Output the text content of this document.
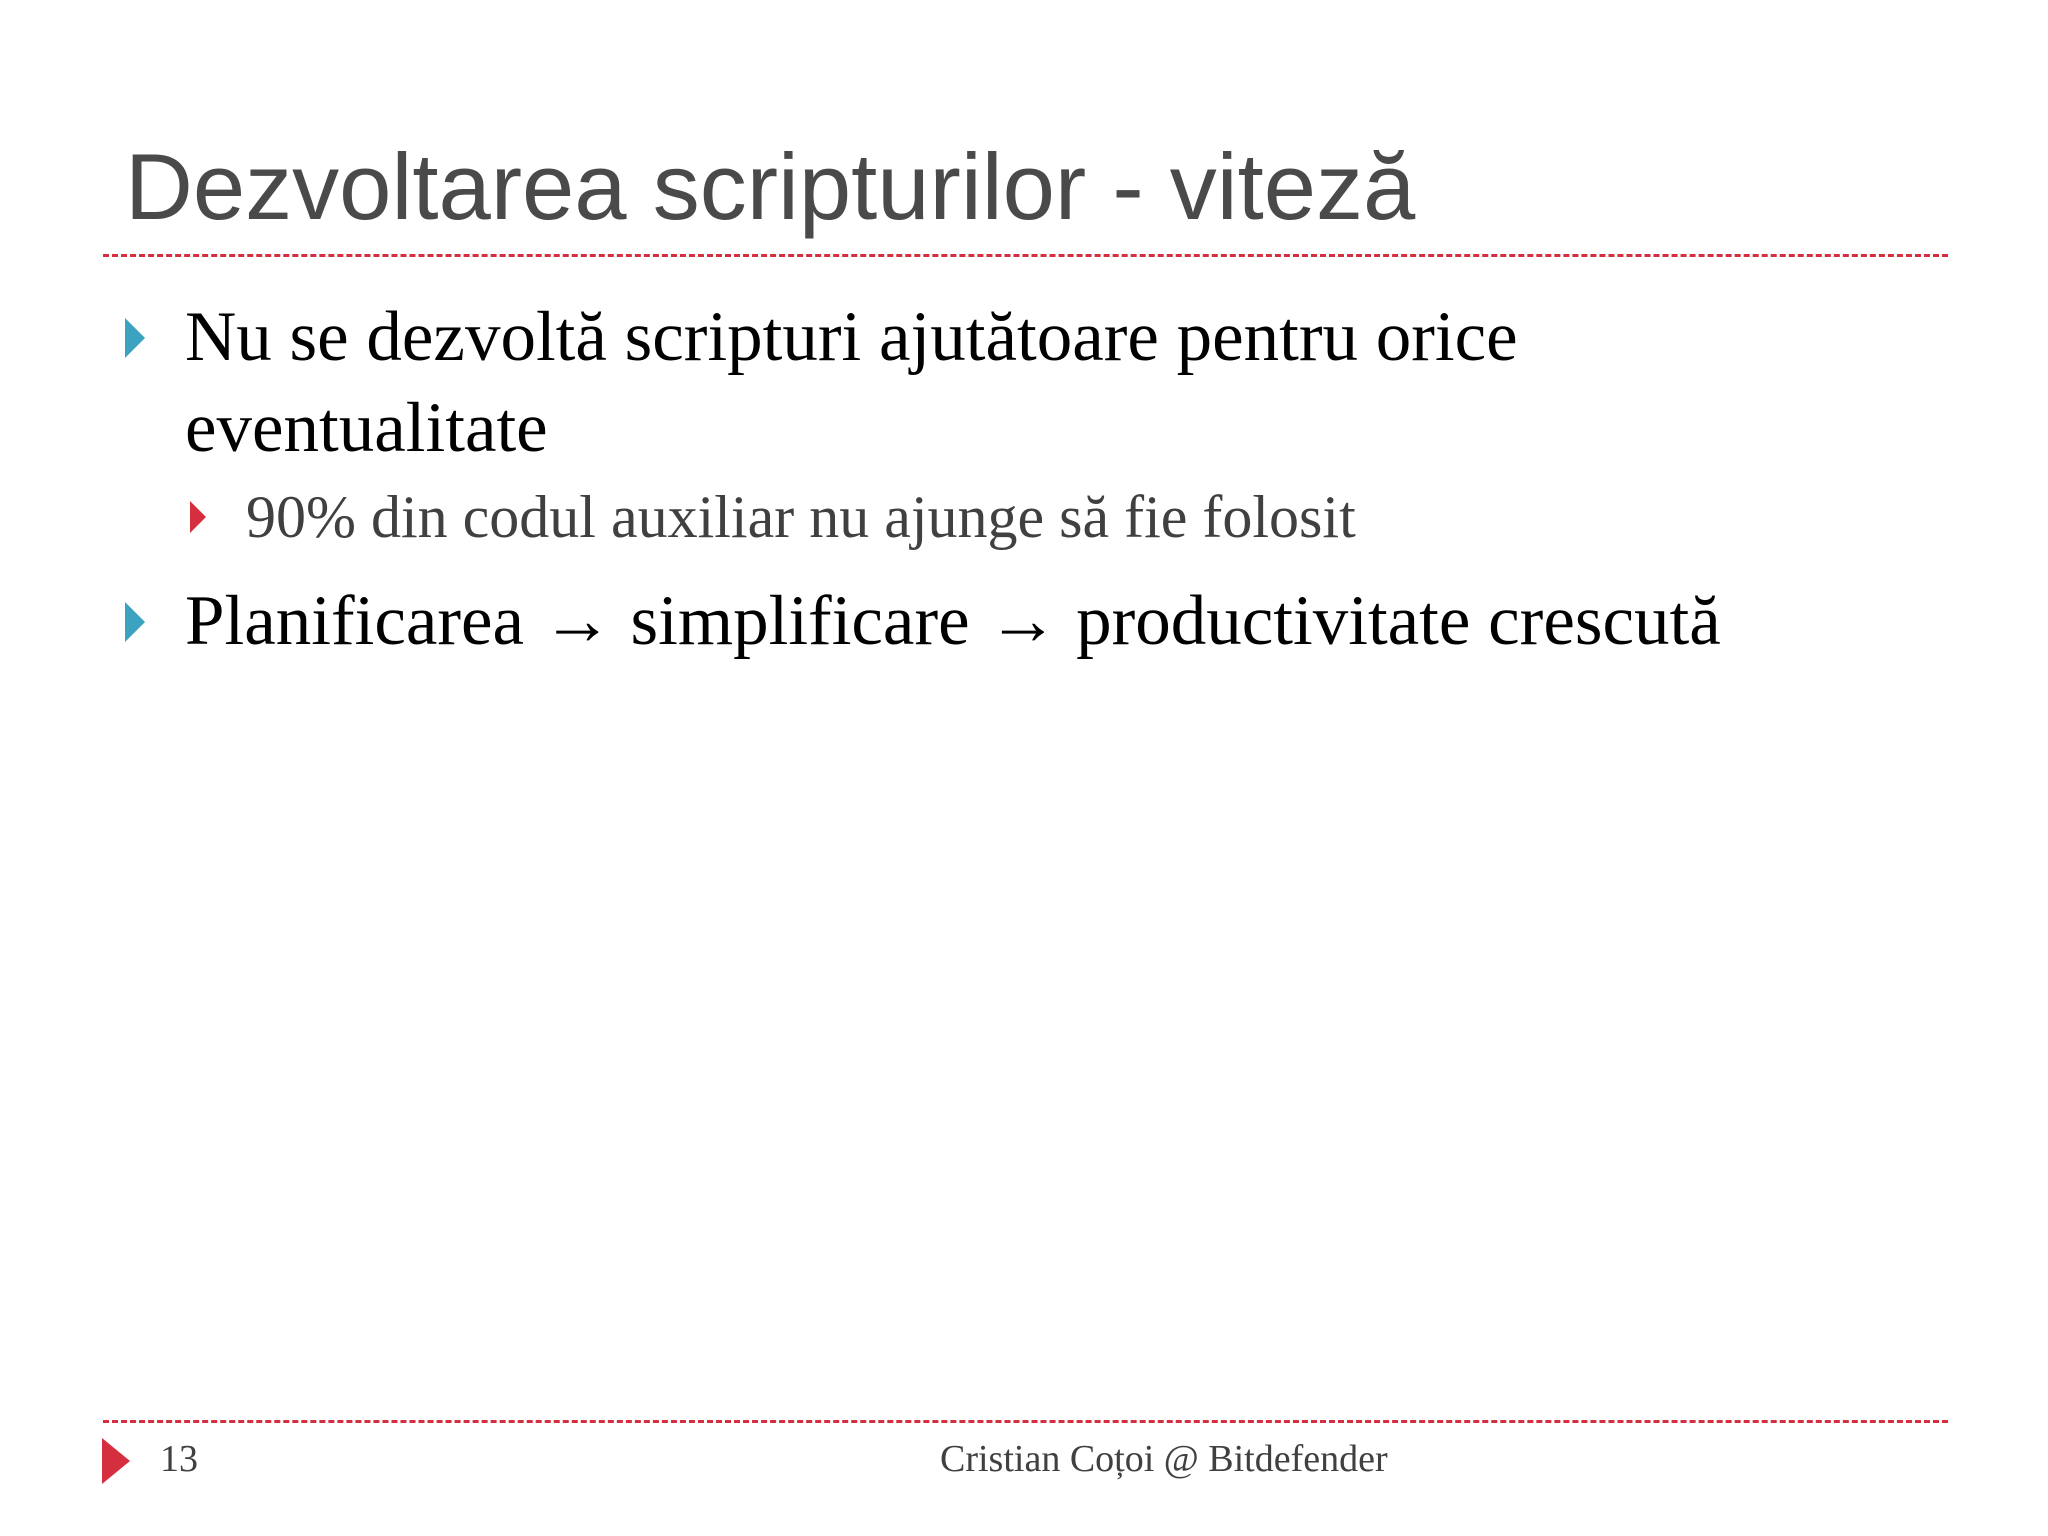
Dezvoltarea scripturilor - viteză
Nu se dezvoltă scripturi ajutătoare pentru orice eventualitate
90% din codul auxiliar nu ajunge să fie folosit
Planificarea → simplificare → productivitate crescută
13	Cristian Coțoi @ Bitdefender
